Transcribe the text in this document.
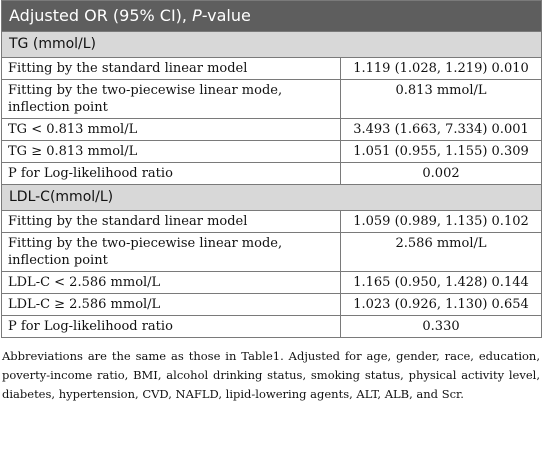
Adjusted OR (95% CI), P-value	
TG (mmol/L)	
Fitting by the standard linear model	1.119 (1.028, 1.219) 0.010
Fitting by the two-piecewise linear mode, inflection point	0.813 mmol/L
TG < 0.813 mmol/L	3.493 (1.663, 7.334) 0.001
TG ≥ 0.813 mmol/L	1.051 (0.955, 1.155) 0.309
P for Log-likelihood ratio	0.002
LDL-C(mmol/L)	
Fitting by the standard linear model	1.059 (0.989, 1.135) 0.102
Fitting by the two-piecewise linear mode, inflection point	2.586 mmol/L
LDL-C < 2.586 mmol/L	1.165 (0.950, 1.428) 0.144
LDL-C ≥ 2.586 mmol/L	1.023 (0.926, 1.130) 0.654
P for Log-likelihood ratio	0.330

Abbreviations are the same as those in Table1. Adjusted for age, gender, race, education, poverty-income ratio, BMI, alcohol drinking status, smoking status, physical activity level, diabetes, hypertension, CVD, NAFLD, lipid-lowering agents, ALT, ALB, and Scr.
